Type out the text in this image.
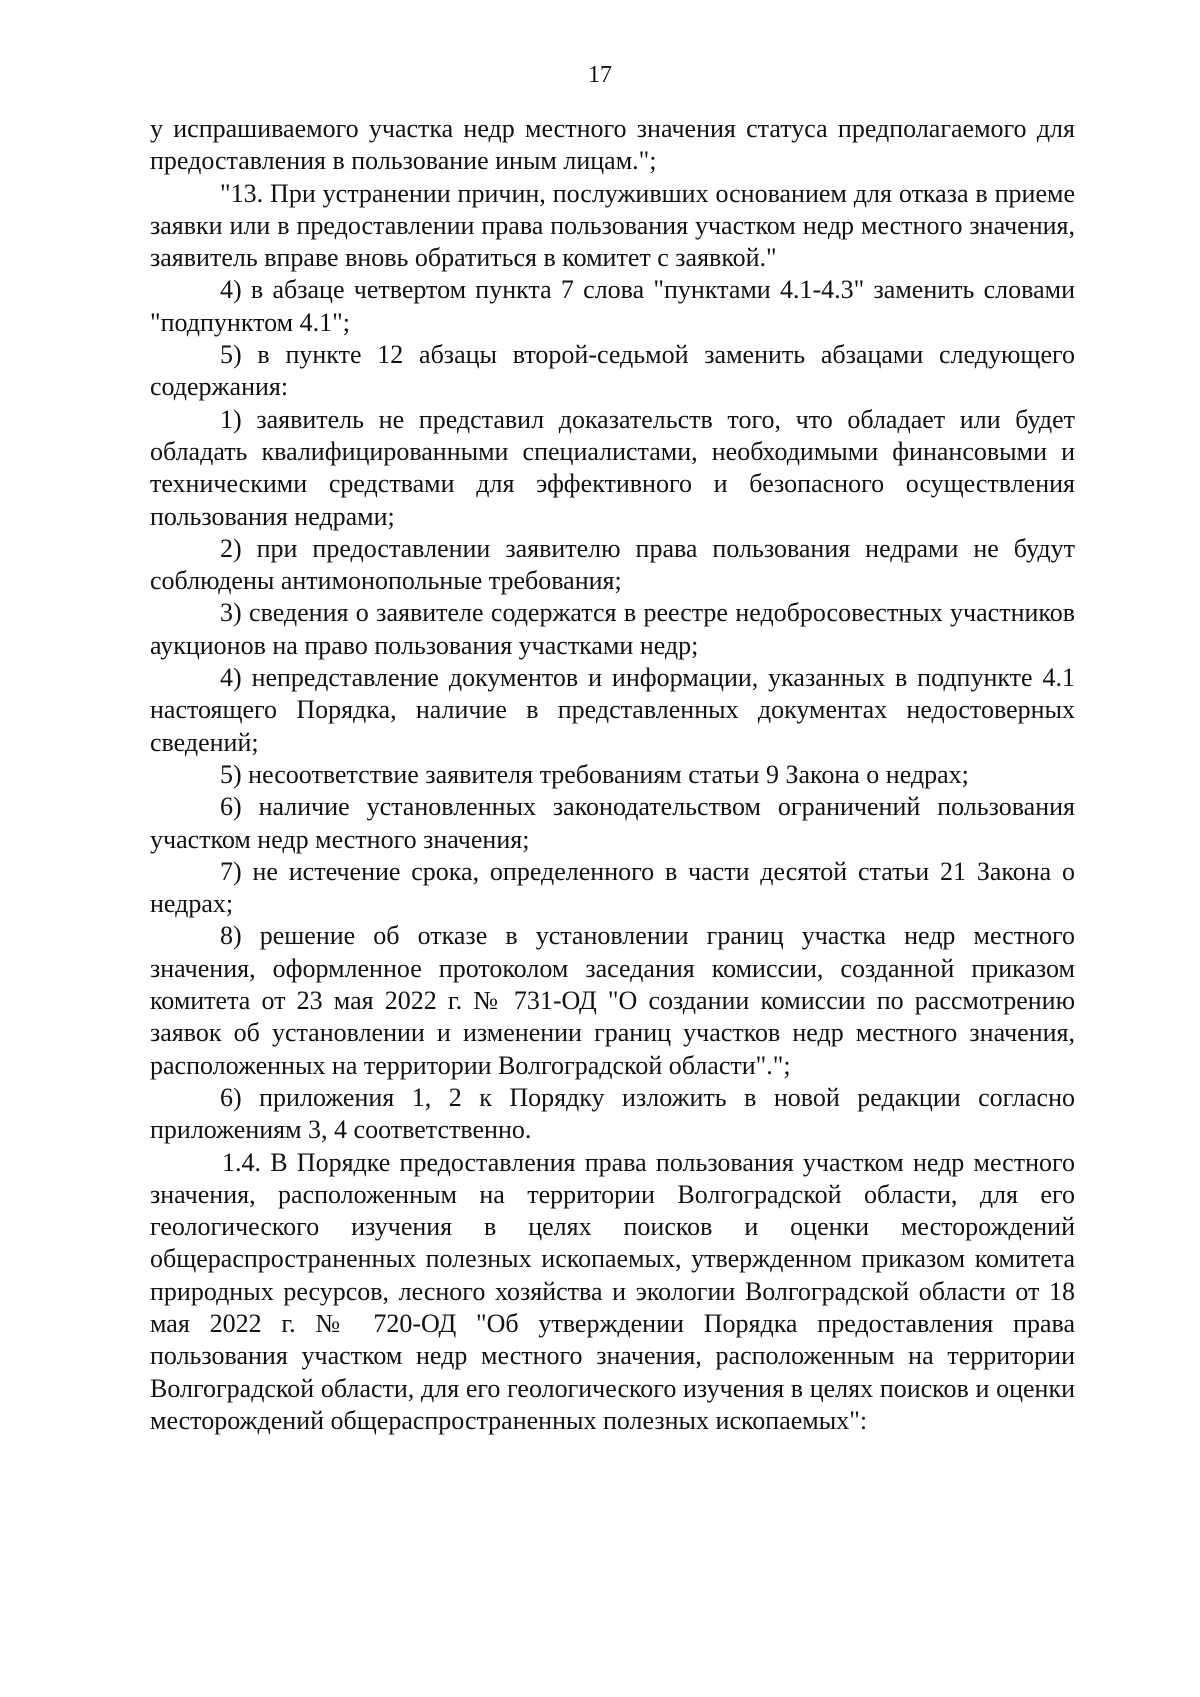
17

у испрашиваемого участка недр местного значения статуса предполагаемого для предоставления в пользование иным лицам.";

"13. При устранении причин, послуживших основанием для отказа в приеме заявки или в предоставлении права пользования участком недр местного значения, заявитель вправе вновь обратиться в комитет с заявкой."

4) в абзаце четвертом пункта 7 слова "пунктами 4.1-4.3" заменить словами "подпунктом 4.1";

5) в пункте 12 абзацы второй-седьмой заменить абзацами следующего содержания:

1) заявитель не представил доказательств того, что обладает или будет обладать квалифицированными специалистами, необходимыми финансовыми и техническими средствами для эффективного и безопасного осуществления пользования недрами;

2) при предоставлении заявителю права пользования недрами не будут соблюдены антимонопольные требования;

3) сведения о заявителе содержатся в реестре недобросовестных участников аукционов на право пользования участками недр;

4) непредставление документов и информации, указанных в подпункте 4.1 настоящего Порядка, наличие в представленных документах недостоверных сведений;

5) несоответствие заявителя требованиям статьи 9 Закона о недрах;

6) наличие установленных законодательством ограничений пользования участком недр местного значения;

7) не истечение срока, определенного в части десятой статьи 21 Закона о недрах;

8) решение об отказе в установлении границ участка недр местного значения, оформленное протоколом заседания комиссии, созданной приказом комитета от 23 мая 2022 г. № 731-ОД "О создании комиссии по рассмотрению заявок об установлении и изменении границ участков недр местного значения, расположенных на территории Волгоградской области".";

6) приложения 1, 2 к Порядку изложить в новой редакции согласно приложениям 3, 4 соответственно.

1.4. В Порядке предоставления права пользования участком недр местного значения, расположенным на территории Волгоградской области, для его геологического изучения в целях поисков и оценки месторождений общераспространенных полезных ископаемых, утвержденном приказом комитета природных ресурсов, лесного хозяйства и экологии Волгоградской области от 18 мая 2022 г. № 720-ОД "Об утверждении Порядка предоставления права пользования участком недр местного значения, расположенным на территории Волгоградской области, для его геологического изучения в целях поисков и оценки месторождений общераспространенных полезных ископаемых":
